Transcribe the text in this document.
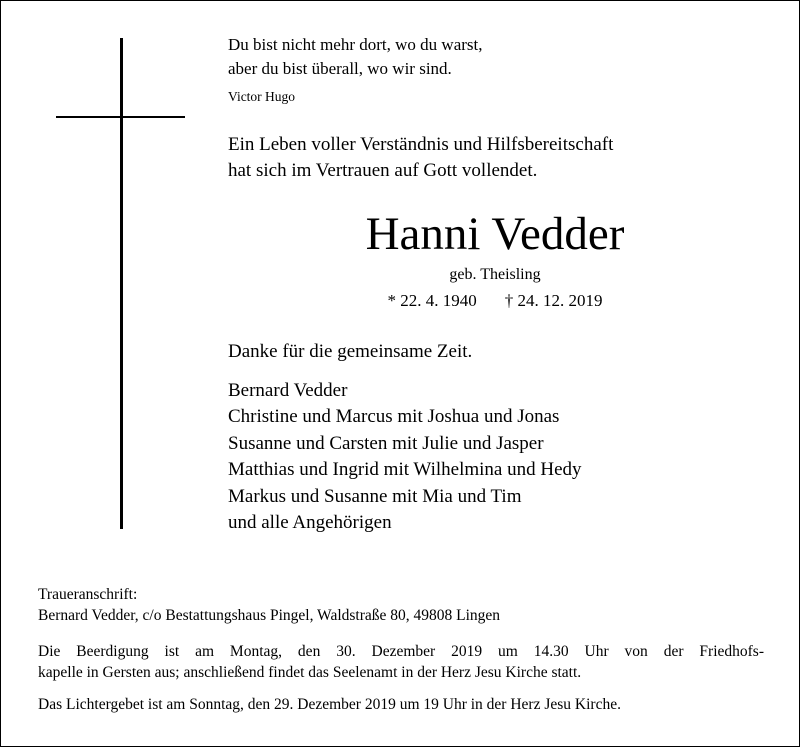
Du bist nicht mehr dort, wo du warst,
aber du bist überall, wo wir sind.
Victor Hugo
Ein Leben voller Verständnis und Hilfsbereitschaft
hat sich im Vertrauen auf Gott vollendet.
Hanni Vedder
geb. Theisling
* 22. 4. 1940 † 24. 12. 2019
Danke für die gemeinsame Zeit.
Bernard Vedder
Christine und Marcus mit Joshua und Jonas
Susanne und Carsten mit Julie und Jasper
Matthias und Ingrid mit Wilhelmina und Hedy
Markus und Susanne mit Mia und Tim
und alle Angehörigen
Traueranschrift:
Bernard Vedder, c/o Bestattungshaus Pingel, Waldstraße 80, 49808 Lingen
Die Beerdigung ist am Montag, den 30. Dezember 2019 um 14.30 Uhr von der Friedhofs-
kapelle in Gersten aus; anschließend findet das Seelenamt in der Herz Jesu Kirche statt.
Das Lichtergebet ist am Sonntag, den 29. Dezember 2019 um 19 Uhr in der Herz Jesu Kirche.
